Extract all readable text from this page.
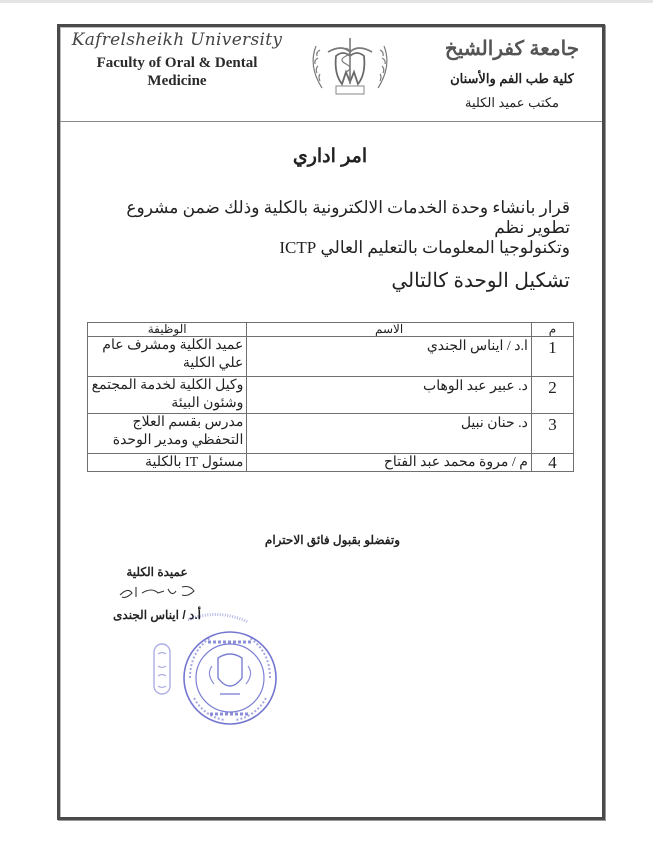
Kafrelsheikh University
Faculty of Oral & Dental
Medicine
جامعة كفرالشيخ
كلية طب الفم والأسنان
مكتب عميد الكلية
امر اداري
قرار بانشاء وحدة الخدمات الالكترونية بالكلية وذلك ضمن مشروع تطوير نظم
وتكنولوجيا المعلومات بالتعليم العالي ICTP
تشكيل الوحدة كالتالي
م	الاسم	الوظيفة
1	ا.د / ايناس الجندي	عميد الكلية ومشرف عام علي الكلية
2	د. عبير عبد الوهاب	وكيل الكلية لخدمة المجتمع وشئون البيئة
3	د. حنان نبيل	مدرس بقسم العلاج التحفظي ومدير الوحدة
4	م / مروة محمد عبد الفتاح	مسئول IT بالكلية
وتفضلو بقبول فائق الاحترام
عميدة الكلية
أ.د / ايناس الجندى
